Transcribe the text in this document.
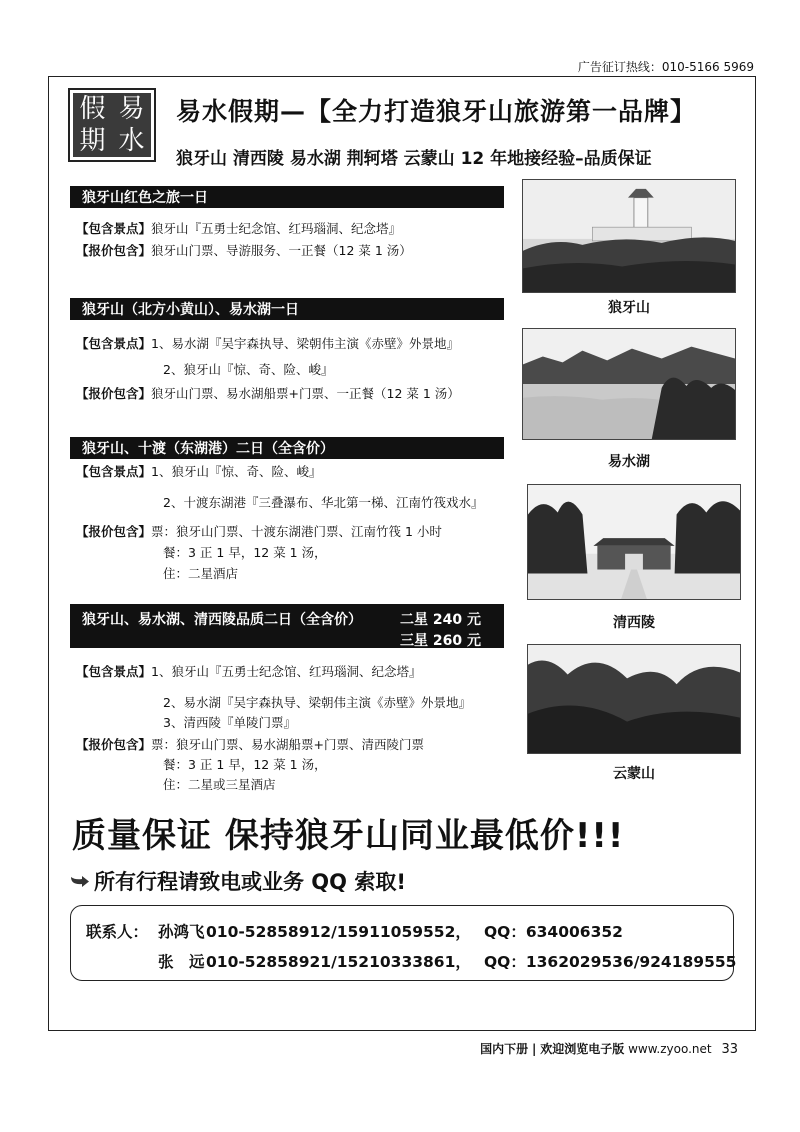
广告征订热线：010-5166 5969
假 易
期 水
易水假期—【全力打造狼牙山旅游第一品牌】
狼牙山 清西陵 易水湖 荆轲塔 云蒙山 12 年地接经验–品质保证
狼牙山红色之旅一日
【包含景点】狼牙山『五勇士纪念馆、红玛瑙洞、纪念塔』
【报价包含】狼牙山门票、导游服务、一正餐（12 菜 1 汤）
狼牙山（北方小黄山）、易水湖一日
【包含景点】1、易水湖『吴宇森执导、梁朝伟主演《赤壁》外景地』
2、狼牙山『惊、奇、险、峻』
【报价包含】狼牙山门票、易水湖船票+门票、一正餐（12 菜 1 汤）
狼牙山、十渡（东湖港）二日（全含价）
【包含景点】1、狼牙山『惊、奇、险、峻』
2、十渡东湖港『三叠瀑布、华北第一梯、江南竹筏戏水』
【报价包含】票：狼牙山门票、十渡东湖港门票、江南竹筏 1 小时
餐：3 正 1 早，12 菜 1 汤，
住：二星酒店
狼牙山、易水湖、清西陵品质二日（全含价）	二星 240 元
三星 260 元
【包含景点】1、狼牙山『五勇士纪念馆、红玛瑙洞、纪念塔』
2、易水湖『吴宇森执导、梁朝伟主演《赤壁》外景地』
3、清西陵『单陵门票』
【报价包含】票：狼牙山门票、易水湖船票+门票、清西陵门票
餐：3 正 1 早，12 菜 1 汤，
住：二星或三星酒店
狼牙山
易水湖
清西陵
云蒙山
质量保证 保持狼牙山同业最低价!!!
所有行程请致电或业务 QQ 索取!
联系人： 孙鸿飞 010-52858912/15911059552， QQ：634006352
张　远 010-52858921/15210333861， QQ：1362029536/924189555
国内下册 | 欢迎浏览电子版 www.zyoo.net 33
